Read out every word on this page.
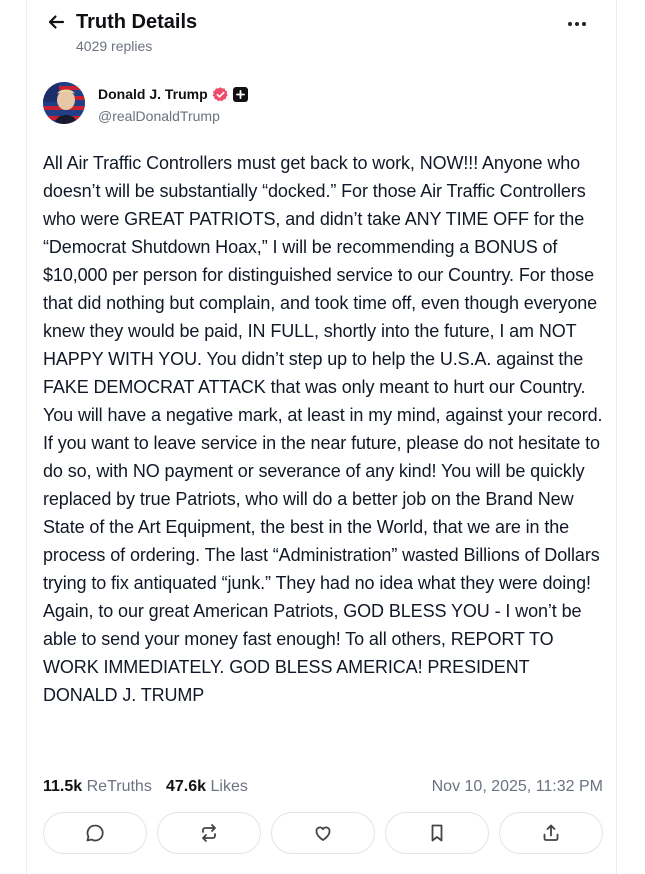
Truth Details
4029 replies
Donald J. Trump
@realDonaldTrump
All Air Traffic Controllers must get back to work, NOW!!! Anyone who doesn’t will be substantially “docked.” For those Air Traffic Controllers who were GREAT PATRIOTS, and didn’t take ANY TIME OFF for the “Democrat Shutdown Hoax,” I will be recommending a BONUS of $10,000 per person for distinguished service to our Country. For those that did nothing but complain, and took time off, even though everyone knew they would be paid, IN FULL, shortly into the future, I am NOT HAPPY WITH YOU. You didn’t step up to help the U.S.A. against the FAKE DEMOCRAT ATTACK that was only meant to hurt our Country. You will have a negative mark, at least in my mind, against your record. If you want to leave service in the near future, please do not hesitate to do so, with NO payment or severance of any kind! You will be quickly replaced by true Patriots, who will do a better job on the Brand New State of the Art Equipment, the best in the World, that we are in the process of ordering. The last “Administration” wasted Billions of Dollars trying to fix antiquated “junk.” They had no idea what they were doing! Again, to our great American Patriots, GOD BLESS YOU - I won’t be able to send your money fast enough! To all others, REPORT TO WORK IMMEDIATELY. GOD BLESS AMERICA! PRESIDENT DONALD J. TRUMP
11.5k ReTruths 47.6k Likes	Nov 10, 2025, 11:32 PM
